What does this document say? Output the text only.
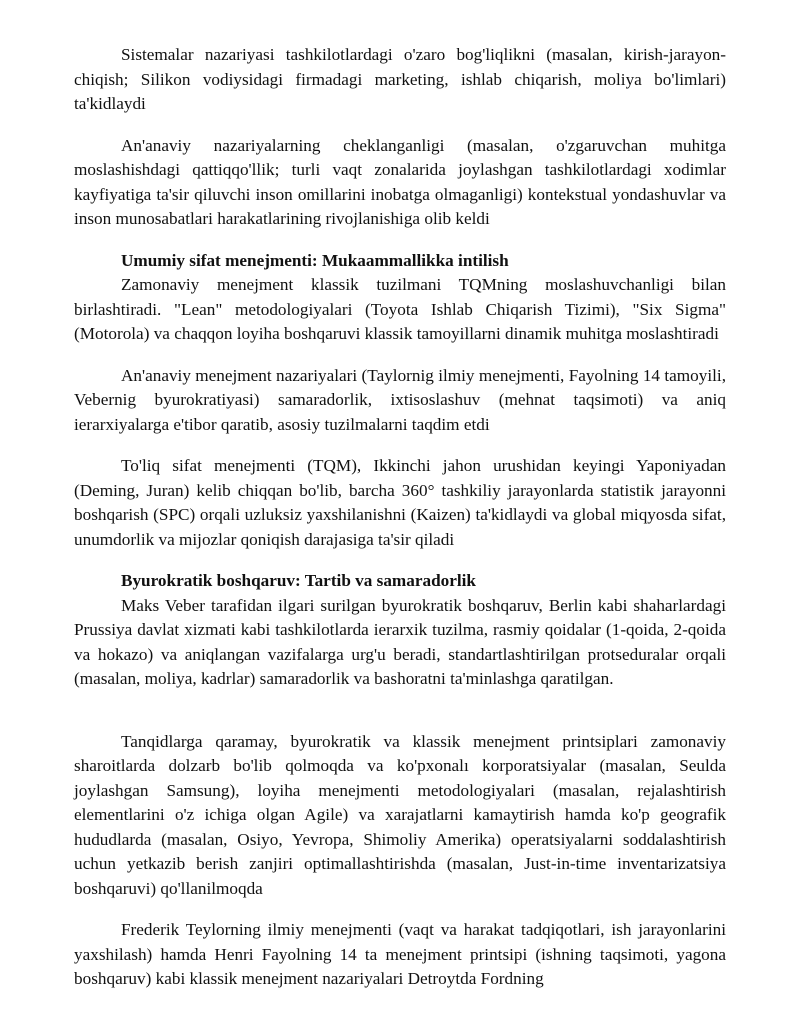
Sistemalar nazariyasi tashkilotlardagi o'zaro bog'liqlikni (masalan, kirish-jarayon-chiqish; Silikon vodiysidagi firmadagi marketing, ishlab chiqarish, moliya bo'limlari) ta'kidlaydi

An'anaviy nazariyalarning cheklanganligi (masalan, o'zgaruvchan muhitga moslashishdagi qattiqqo'llik; turli vaqt zonalarida joylashgan tashkilotlardagi xodimlar kayfiyatiga ta'sir qiluvchi inson omillarini inobatga olmaganligi) kontekstual yondashuvlar va inson munosabatlari harakatlarining rivojlanishiga olib keldi

Umumiy sifat menejmenti: Mukaammallikka intilish

Zamonaviy menejment klassik tuzilmani TQMning moslashuvchanligi bilan birlashtiradi. "Lean" metodologiyalari (Toyota Ishlab Chiqarish Tizimi), "Six Sigma" (Motorola) va chaqqon loyiha boshqaruvi klassik tamoyillarni dinamik muhitga moslashtiradi

An'anaviy menejment nazariyalari (Taylornig ilmiy menejmenti, Fayolning 14 tamoyili, Vebernig byurokratiyasi) samaradorlik, ixtisoslashuv (mehnat taqsimoti) va aniq ierarxiyalarga e'tibor qaratib, asosiy tuzilmalarni taqdim etdi

To'liq sifat menejmenti (TQM), Ikkinchi jahon urushidan keyingi Yaponiyadan (Deming, Juran) kelib chiqqan bo'lib, barcha 360° tashkiliy jarayonlarda statistik jarayonni boshqarish (SPC) orqali uzluksiz yaxshilanishni (Kaizen) ta'kidlaydi va global miqyosda sifat, unumdorlik va mijozlar qoniqish darajasiga ta'sir qiladi

Byurokratik boshqaruv: Tartib va samaradorlik

Maks Veber tarafidan ilgari surilgan byurokratik boshqaruv, Berlin kabi shaharlardagi Prussiya davlat xizmati kabi tashkilotlarda ierarxik tuzilma, rasmiy qoidalar (1-qoida, 2-qoida va hokazo) va aniqlangan vazifalarga urg'u beradi, standartlashtirilgan protseduralar orqali (masalan, moliya, kadrlar) samaradorlik va bashoratni ta'minlashga qaratilgan.

Tanqidlarga qaramay, byurokratik va klassik menejment printsiplari zamonaviy sharoitlarda dolzarb bo'lib qolmoqda va ko'pxonalı korporatsiyalar (masalan, Seulda joylashgan Samsung), loyiha menejmenti metodologiyalari (masalan, rejalashtirish elementlarini o'z ichiga olgan Agile) va xarajatlarni kamaytirish hamda ko'p geografik hududlarda (masalan, Osiyo, Yevropa, Shimoliy Amerika) operatsiyalarni soddalashtirish uchun yetkazib berish zanjiri optimallashtirishda (masalan, Just-in-time inventarizatsiya boshqaruvi) qo'llanilmoqda

Frederik Teylorning ilmiy menejmenti (vaqt va harakat tadqiqotlari, ish jarayonlarini yaxshilash) hamda Henri Fayolning 14 ta menejment printsipi (ishning taqsimoti, yagona boshqaruv) kabi klassik menejment nazariyalari Detroytda Fordning
